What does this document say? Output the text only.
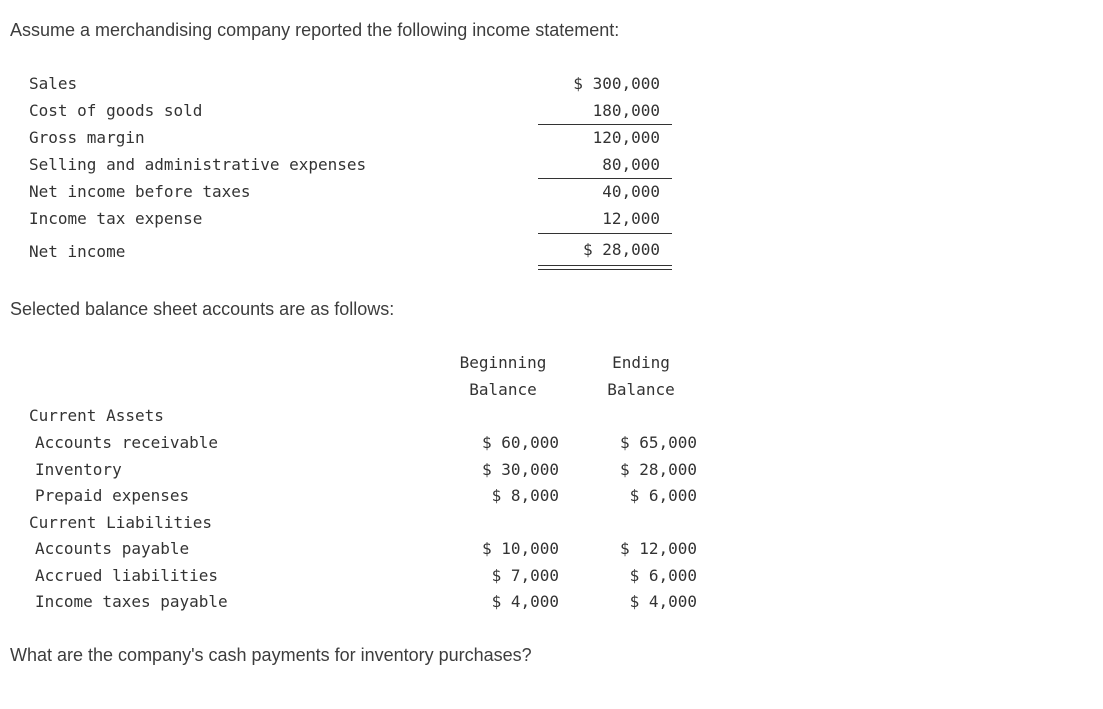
Assume a merchandising company reported the following income statement:
Sales	$ 300,000
Cost of goods sold	180,000
Gross margin	120,000
Selling and administrative expenses	80,000
Net income before taxes	40,000
Income tax expense	12,000
Net income	$ 28,000
Selected balance sheet accounts are as follows:
Beginning
Balance
Ending
Balance
Current Assets
Accounts receivable	$ 60,000	$ 65,000
Inventory	$ 30,000	$ 28,000
Prepaid expenses	$ 8,000	$ 6,000
Current Liabilities
Accounts payable	$ 10,000	$ 12,000
Accrued liabilities	$ 7,000	$ 6,000
Income taxes payable	$ 4,000	$ 4,000
What are the company's cash payments for inventory purchases?
